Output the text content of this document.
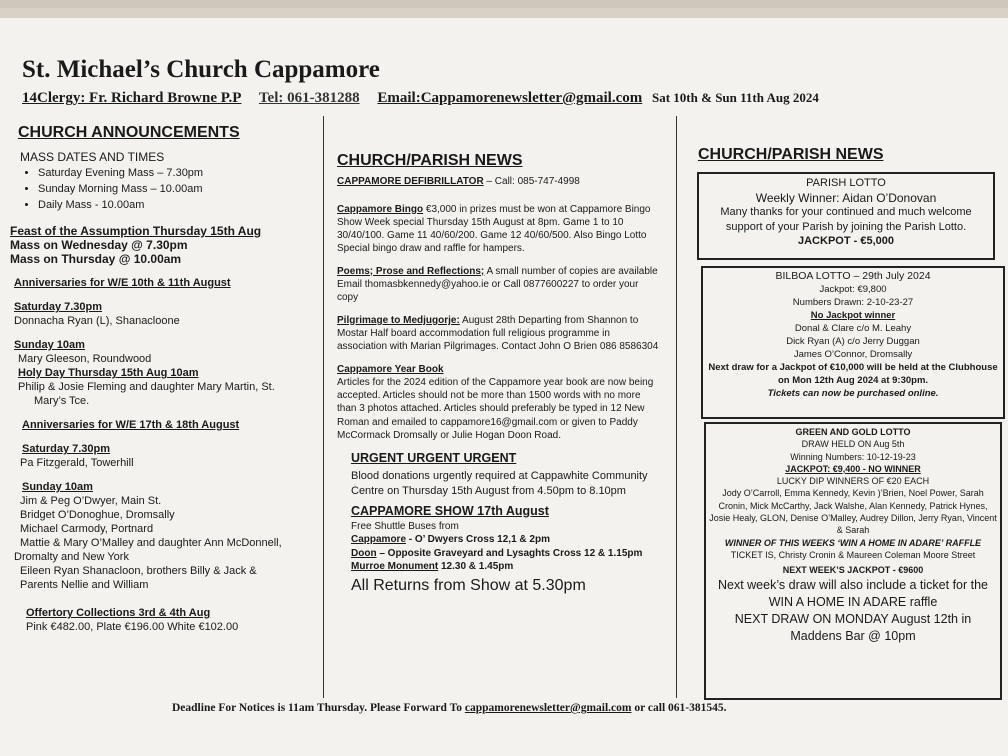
St. Michael’s Church Cappamore
14Clergy: Fr. Richard Browne P.P Tel: 061-381288 Email:Cappamorenewsletter@gmail.com Sat 10th & Sun 11th Aug 2024
CHURCH ANNOUNCEMENTS
MASS DATES AND TIMES
• Saturday Evening Mass – 7.30pm
• Sunday Morning Mass – 10.00am
• Daily Mass - 10.00am
Feast of the Assumption Thursday 15th Aug
Mass on Wednesday @ 7.30pm
Mass on Thursday @ 10.00am
Anniversaries for W/E 10th & 11th August
Saturday 7.30pm
Donnacha Ryan (L), Shanacloone
Sunday 10am
Mary Gleeson, Roundwood
Holy Day Thursday 15th Aug 10am
Philip & Josie Fleming and daughter Mary Martin, St.
Mary’s Tce.
Anniversaries for W/E 17th & 18th August
Saturday 7.30pm
Pa Fitzgerald, Towerhill
Sunday 10am
Jim & Peg O’Dwyer, Main St.
Bridget O’Donoghue, Dromsally
Michael Carmody, Portnard
Mattie & Mary O’Malley and daughter Ann McDonnell,
Dromalty and New York
Eileen Ryan Shanacloon, brothers Billy & Jack &
Parents Nellie and William
Offertory Collections 3rd & 4th Aug
Pink €482.00, Plate €196.00 White €102.00
CHURCH/PARISH NEWS

CAPPAMORE DEFIBRILLATOR – Call: 085-747-4998

Cappamore Bingo €3,000 in prizes must be won at Cappamore Bingo Show Week special Thursday 15th August at 8pm. Game 1 to 10 30/40/100. Game 11 40/60/200. Game 12 40/60/500. Also Bingo Lotto Special bingo draw and raffle for hampers.

Poems; Prose and Reflections; A small number of copies are available Email thomasbkennedy@yahoo.ie or Call 0877600227 to order your copy

Pilgrimage to Medjugorje: August 28th Departing from Shannon to Mostar Half board accommodation full religious programme in association with Marian Pilgrimages. Contact John O Brien 086 8586304

Cappamore Year Book

Articles for the 2024 edition of the Cappamore year book are now being accepted. Articles should not be more than 1500 words with no more than 3 photos attached. Articles should preferably be typed in 12 New Roman and emailed to cappamore16@gmail.com or given to Paddy McCormack Dromsally or Julie Hogan Doon Road.

URGENT URGENT URGENT

Blood donations urgently required at Cappawhite Community Centre on Thursday 15th August from 4.50pm to 8.10pm

CAPPAMORE SHOW 17th August

Free Shuttle Buses from

Cappamore - O’ Dwyers Cross 12,1 & 2pm

Doon – Opposite Graveyard and Lysaghts Cross 12 & 1.15pm

Murroe Monument 12.30 & 1.45pm

All Returns from Show at 5.30pm

CHURCH/PARISH NEWS
PARISH LOTTO
Weekly Winner: Aidan O’Donovan
Many thanks for your continued and much welcome support of your Parish by joining the Parish Lotto.
JACKPOT - €5,000
BILBOA LOTTO – 29th July 2024
Jackpot: €9,800
Numbers Drawn: 2-10-23-27
No Jackpot winner
Donal & Clare c/o M. Leahy
Dick Ryan (A) c/o Jerry Duggan
James O’Connor, Dromsally
Next draw for a Jackpot of €10,000 will be held at the Clubhouse on Mon 12th Aug 2024 at 9:30pm.
Tickets can now be purchased online.
GREEN AND GOLD LOTTO
DRAW HELD ON Aug 5th
Winning Numbers: 10-12-19-23
JACKPOT: €9,400 - NO WINNER
LUCKY DIP WINNERS OF €20 EACH
Jody O’Carroll, Emma Kennedy, Kevin )’Brien, Noel Power, Sarah Cronin, Mick McCarthy, Jack Walshe, Alan Kennedy, Patrick Hynes, Josie Healy, GLON, Denise O’Malley, Audrey Dillon, Jerry Ryan, Vincent & Sarah
WINNER OF THIS WEEKS ‘WIN A HOME IN ADARE’ RAFFLE
TICKET IS, Christy Cronin & Maureen Coleman Moore Street
NEXT WEEK’S JACKPOT - €9600
Next week’s draw will also include a ticket for the WIN A HOME IN ADARE raffle
NEXT DRAW ON MONDAY August 12th in Maddens Bar @ 10pm
Deadline For Notices is 11am Thursday. Please Forward To cappamorenewsletter@gmail.com or call 061-381545.
